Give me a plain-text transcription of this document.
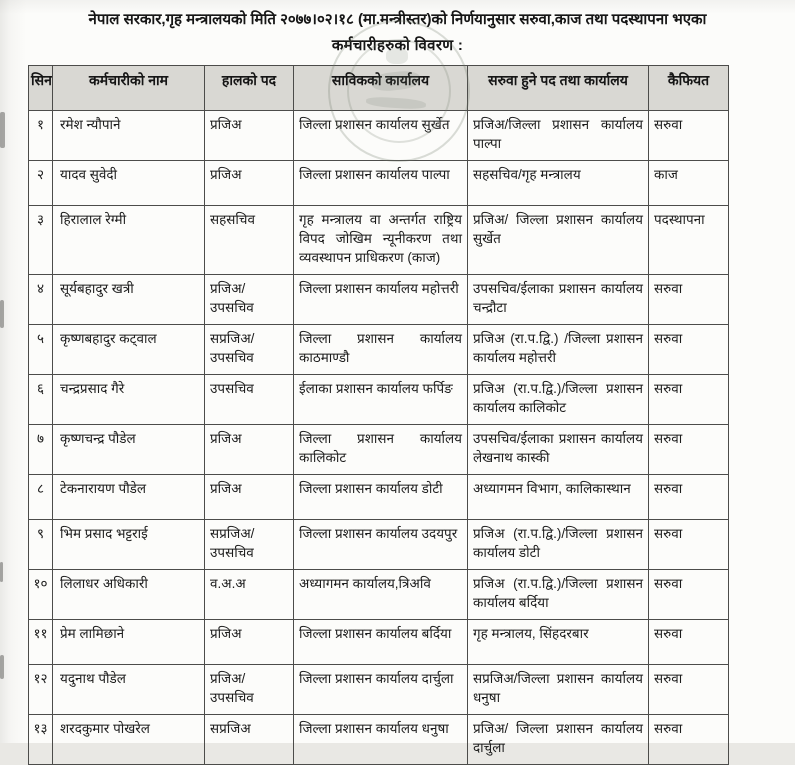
नेपाल सरकार,गृह मन्त्रालयको मिति २०७७।०२।१८ (मा.मन्त्रीस्तर)को निर्णयानुसार सरुवा,काज तथा पदस्थापना भएका
कर्मचारीहरुको विवरण :
सिन	कर्मचारीको नाम	हालको पद	साविकको कार्यालय	सरुवा हुने पद तथा कार्यालय	कैफियत
१	रमेश न्यौपाने	प्रजिअ	जिल्ला प्रशासन कार्यालय सुर्खेत	प्रजिअ/जिल्ला प्रशासन कार्यालय पाल्पा	सरुवा
२	यादव सुवेदी	प्रजिअ	जिल्ला प्रशासन कार्यालय पाल्पा	सहसचिव/गृह मन्त्रालय	काज
३	हिरालाल रेग्मी	सहसचिव	गृह मन्त्रालय वा अन्तर्गत राष्ट्रिय विपद जोखिम न्यूनीकरण तथा व्यवस्थापन प्राधिकरण (काज)	प्रजिअ/ जिल्ला प्रशासन कार्यालय सुर्खेत	पदस्थापना
४	सूर्यबहादुर खत्री	प्रजिअ/ उपसचिव	जिल्ला प्रशासन कार्यालय महोत्तरी	उपसचिव/ईलाका प्रशासन कार्यालय चन्द्रौटा	सरुवा
५	कृष्णबहादुर कट्वाल	सप्रजिअ/ उपसचिव	जिल्ला प्रशासन कार्यालय काठमाण्डौ	प्रजिअ (रा.प.द्वि.) /जिल्ला प्रशासन कार्यालय महोत्तरी	सरुवा
६	चन्द्रप्रसाद गैरे	उपसचिव	ईलाका प्रशासन कार्यालय फर्पिङ	प्रजिअ (रा.प.द्वि.)/जिल्ला प्रशासन कार्यालय कालिकोट	सरुवा
७	कृष्णचन्द्र पौडेल	प्रजिअ	जिल्ला प्रशासन कार्यालय कालिकोट	उपसचिव/ईलाका प्रशासन कार्यालय लेखनाथ कास्की	सरुवा
८	टेकनारायण पौडेल	प्रजिअ	जिल्ला प्रशासन कार्यालय डोटी	अध्यागमन विभाग, कालिकास्थान	सरुवा
९	भिम प्रसाद भट्टराई	सप्रजिअ/ उपसचिव	जिल्ला प्रशासन कार्यालय उदयपुर	प्रजिअ (रा.प.द्वि.)/जिल्ला प्रशासन कार्यालय डोटी	सरुवा
१०	लिलाधर अधिकारी	व.अ.अ	अध्यागमन कार्यालय,त्रिअवि	प्रजिअ (रा.प.द्वि.)/जिल्ला प्रशासन कार्यालय बर्दिया	सरुवा
११	प्रेम लामिछाने	प्रजिअ	जिल्ला प्रशासन कार्यालय बर्दिया	गृह मन्त्रालय, सिंहदरबार	सरुवा
१२	यदुनाथ पौडेल	प्रजिअ/ उपसचिव	जिल्ला प्रशासन कार्यालय दार्चुला	सप्रजिअ/जिल्ला प्रशासन कार्यालय धनुषा	सरुवा
१३	शरदकुमार पोखरेल	सप्रजिअ	जिल्ला प्रशासन कार्यालय धनुषा	प्रजिअ/ जिल्ला प्रशासन कार्यालय दार्चुला	सरुवा
